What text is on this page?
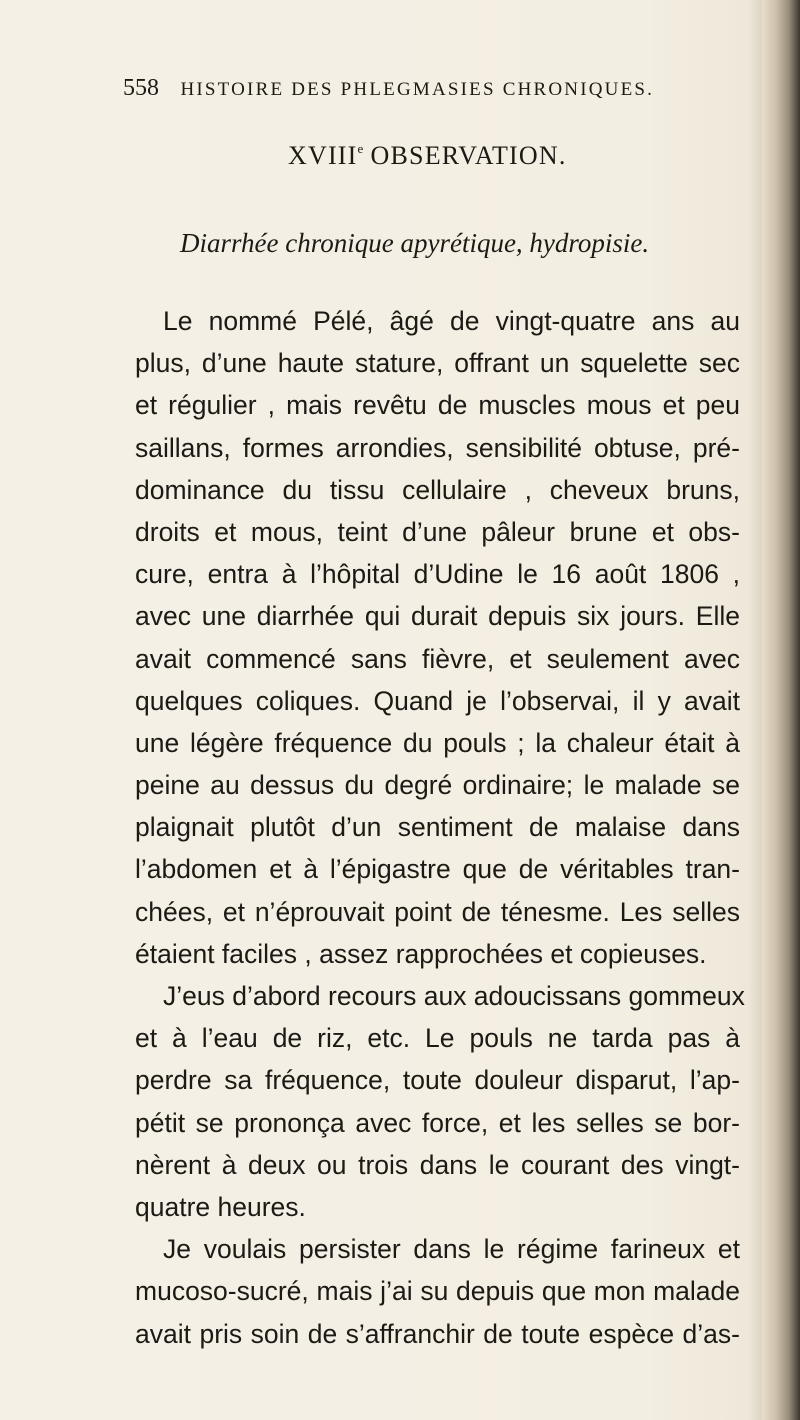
558 HISTOIRE DES PHLEGMASIES CHRONIQUES.
XVIIIe OBSERVATION.
Diarrhée chronique apyrétique, hydropisie.
Le nommé Pélé, âgé de vingt-quatre ans au
plus, d’une haute stature, offrant un squelette sec
et régulier , mais revêtu de muscles mous et peu
saillans, formes arrondies, sensibilité obtuse, pré-
dominance du tissu cellulaire , cheveux bruns,
droits et mous, teint d’une pâleur brune et obs-
cure, entra à l’hôpital d’Udine le 16 août 1806 ,
avec une diarrhée qui durait depuis six jours. Elle
avait commencé sans fièvre, et seulement avec
quelques coliques. Quand je l’observai, il y avait
une légère fréquence du pouls ; la chaleur était à
peine au dessus du degré ordinaire; le malade se
plaignait plutôt d’un sentiment de malaise dans
l’abdomen et à l’épigastre que de véritables tran-
chées, et n’éprouvait point de ténesme. Les selles
étaient faciles , assez rapprochées et copieuses.
J’eus d’abord recours aux adoucissans gommeux
et à l’eau de riz, etc. Le pouls ne tarda pas à
perdre sa fréquence, toute douleur disparut, l’ap-
pétit se prononça avec force, et les selles se bor-
nèrent à deux ou trois dans le courant des vingt-
quatre heures.
Je voulais persister dans le régime farineux et
mucoso-sucré, mais j’ai su depuis que mon malade
avait pris soin de s’affranchir de toute espèce d’as-
